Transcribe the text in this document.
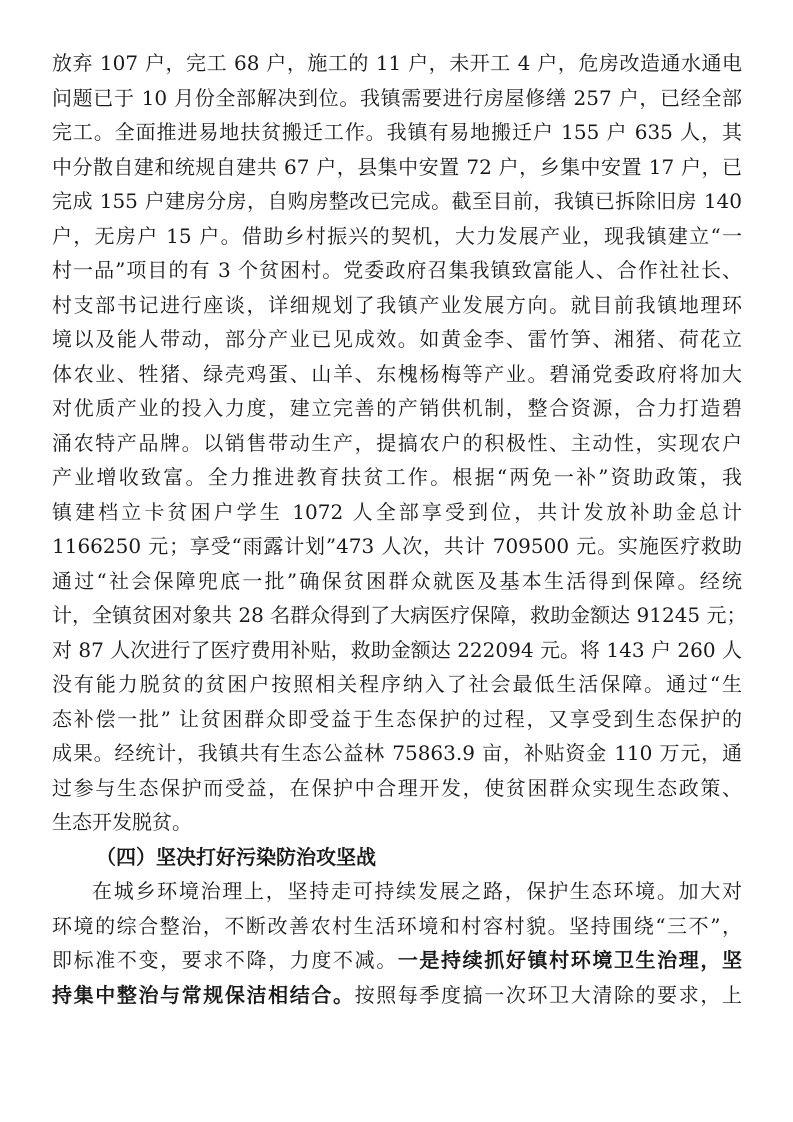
放弃 107 户，完工 68 户，施工的 11 户，未开工 4 户，危房改造通水通电
问题已于 10 月份全部解决到位。我镇需要进行房屋修缮 257 户，已经全部
完工。全面推进易地扶贫搬迁工作。我镇有易地搬迁户 155 户 635 人，其
中分散自建和统规自建共 67 户，县集中安置 72 户，乡集中安置 17 户，已
完成 155 户建房分房，自购房整改已完成。截至目前，我镇已拆除旧房 140
户，无房户 15 户。借助乡村振兴的契机，大力发展产业，现我镇建立“一
村一品”项目的有 3 个贫困村。党委政府召集我镇致富能人、合作社社长、
村支部书记进行座谈，详细规划了我镇产业发展方向。就目前我镇地理环
境以及能人带动，部分产业已见成效。如黄金李、雷竹笋、湘猪、荷花立
体农业、牲猪、绿壳鸡蛋、山羊、东槐杨梅等产业。碧涌党委政府将加大
对优质产业的投入力度，建立完善的产销供机制，整合资源，合力打造碧
涌农特产品牌。以销售带动生产，提搞农户的积极性、主动性，实现农户
产业增收致富。全力推进教育扶贫工作。根据“两免一补”资助政策，我
镇建档立卡贫困户学生 1072 人全部享受到位，共计发放补助金总计
1166250 元；享受“雨露计划”473 人次，共计 709500 元。实施医疗救助
通过“社会保障兜底一批”确保贫困群众就医及基本生活得到保障。经统
计，全镇贫困对象共 28 名群众得到了大病医疗保障，救助金额达 91245 元；
对 87 人次进行了医疗费用补贴，救助金额达 222094 元。将 143 户 260 人
没有能力脱贫的贫困户按照相关程序纳入了社会最低生活保障。通过“生
态补偿一批” 让贫困群众即受益于生态保护的过程，又享受到生态保护的
成果。经统计，我镇共有生态公益林 75863.9 亩，补贴资金 110 万元，通
过参与生态保护而受益，在保护中合理开发，使贫困群众实现生态政策、
生态开发脱贫。
（四）坚决打好污染防治攻坚战
在城乡环境治理上，坚持走可持续发展之路，保护生态环境。加大对
环境的综合整治，不断改善农村生活环境和村容村貌。坚持围绕“三不”，
即标准不变，要求不降，力度不减。一是持续抓好镇村环境卫生治理，坚
持集中整治与常规保洁相结合。按照每季度搞一次环卫大清除的要求，上
